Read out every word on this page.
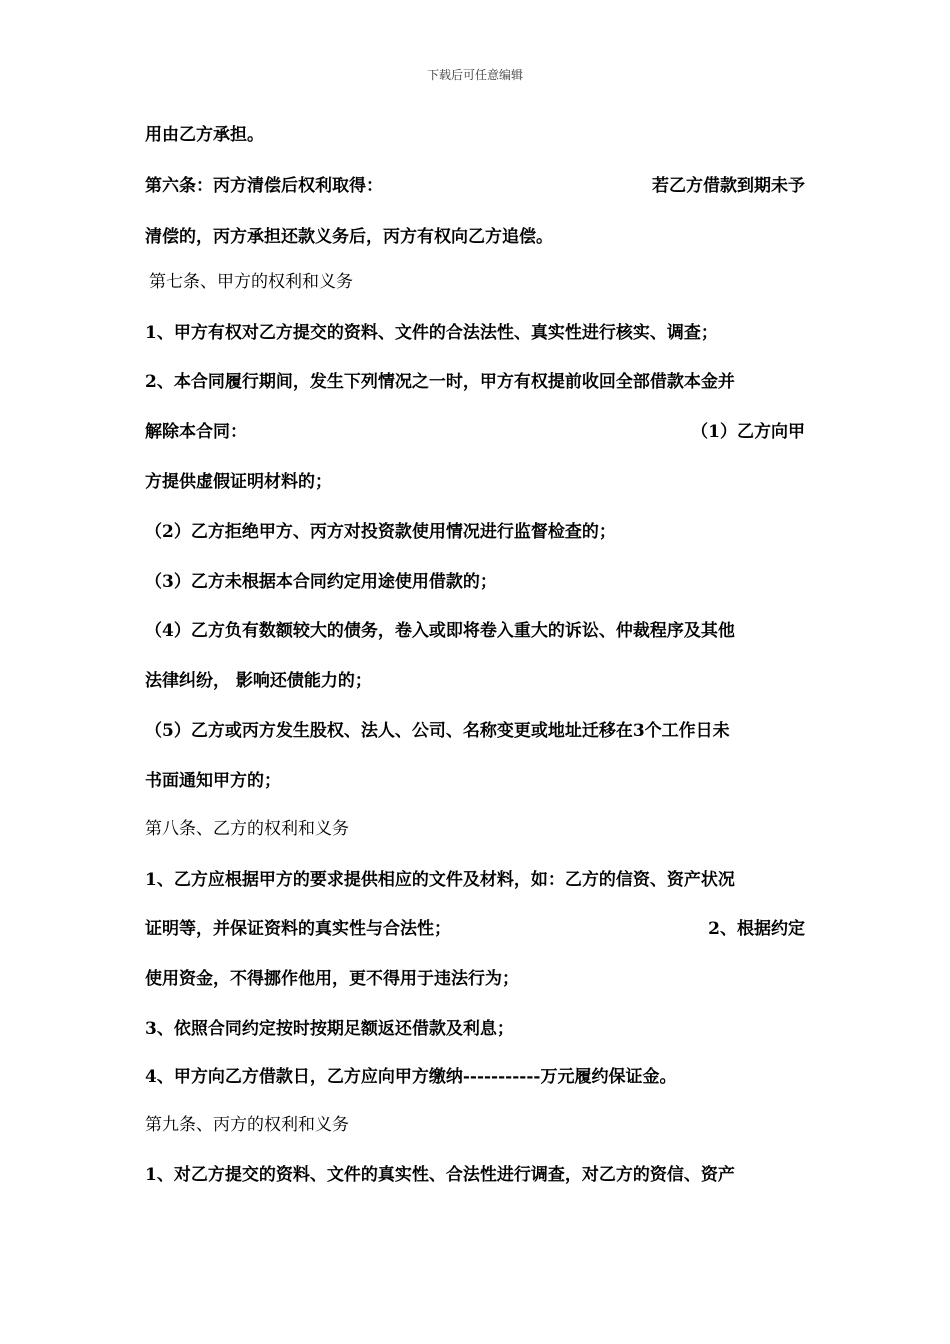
下载后可任意编辑
用由乙方承担。
第六条：丙方清偿后权利取得：	若乙方借款到期未予
清偿的，丙方承担还款义务后，丙方有权向乙方追偿。
第七条、甲方的权利和义务
1、甲方有权对乙方提交的资料、文件的合法法性、真实性进行核实、调查；
2、本合同履行期间，发生下列情况之一时，甲方有权提前收回全部借款本金并
解除本合同：	（1）乙方向甲
方提供虚假证明材料的；
（2）乙方拒绝甲方、丙方对投资款使用情况进行监督检查的；
（3）乙方未根据本合同约定用途使用借款的；
（4）乙方负有数额较大的债务，卷入或即将卷入重大的诉讼、仲裁程序及其他
法律纠纷， 影响还债能力的；
（5）乙方或丙方发生股权、法人、公司、名称变更或地址迁移在3个工作日未
书面通知甲方的；
第八条、乙方的权利和义务
1、乙方应根据甲方的要求提供相应的文件及材料，如：乙方的信资、资产状况
证明等，并保证资料的真实性与合法性；	2、根据约定
使用资金，不得挪作他用，更不得用于违法行为；
3、依照合同约定按时按期足额返还借款及利息；
4、甲方向乙方借款日，乙方应向甲方缴纳-----------万元履约保证金。
第九条、丙方的权利和义务
1、对乙方提交的资料、文件的真实性、合法性进行调查，对乙方的资信、资产
